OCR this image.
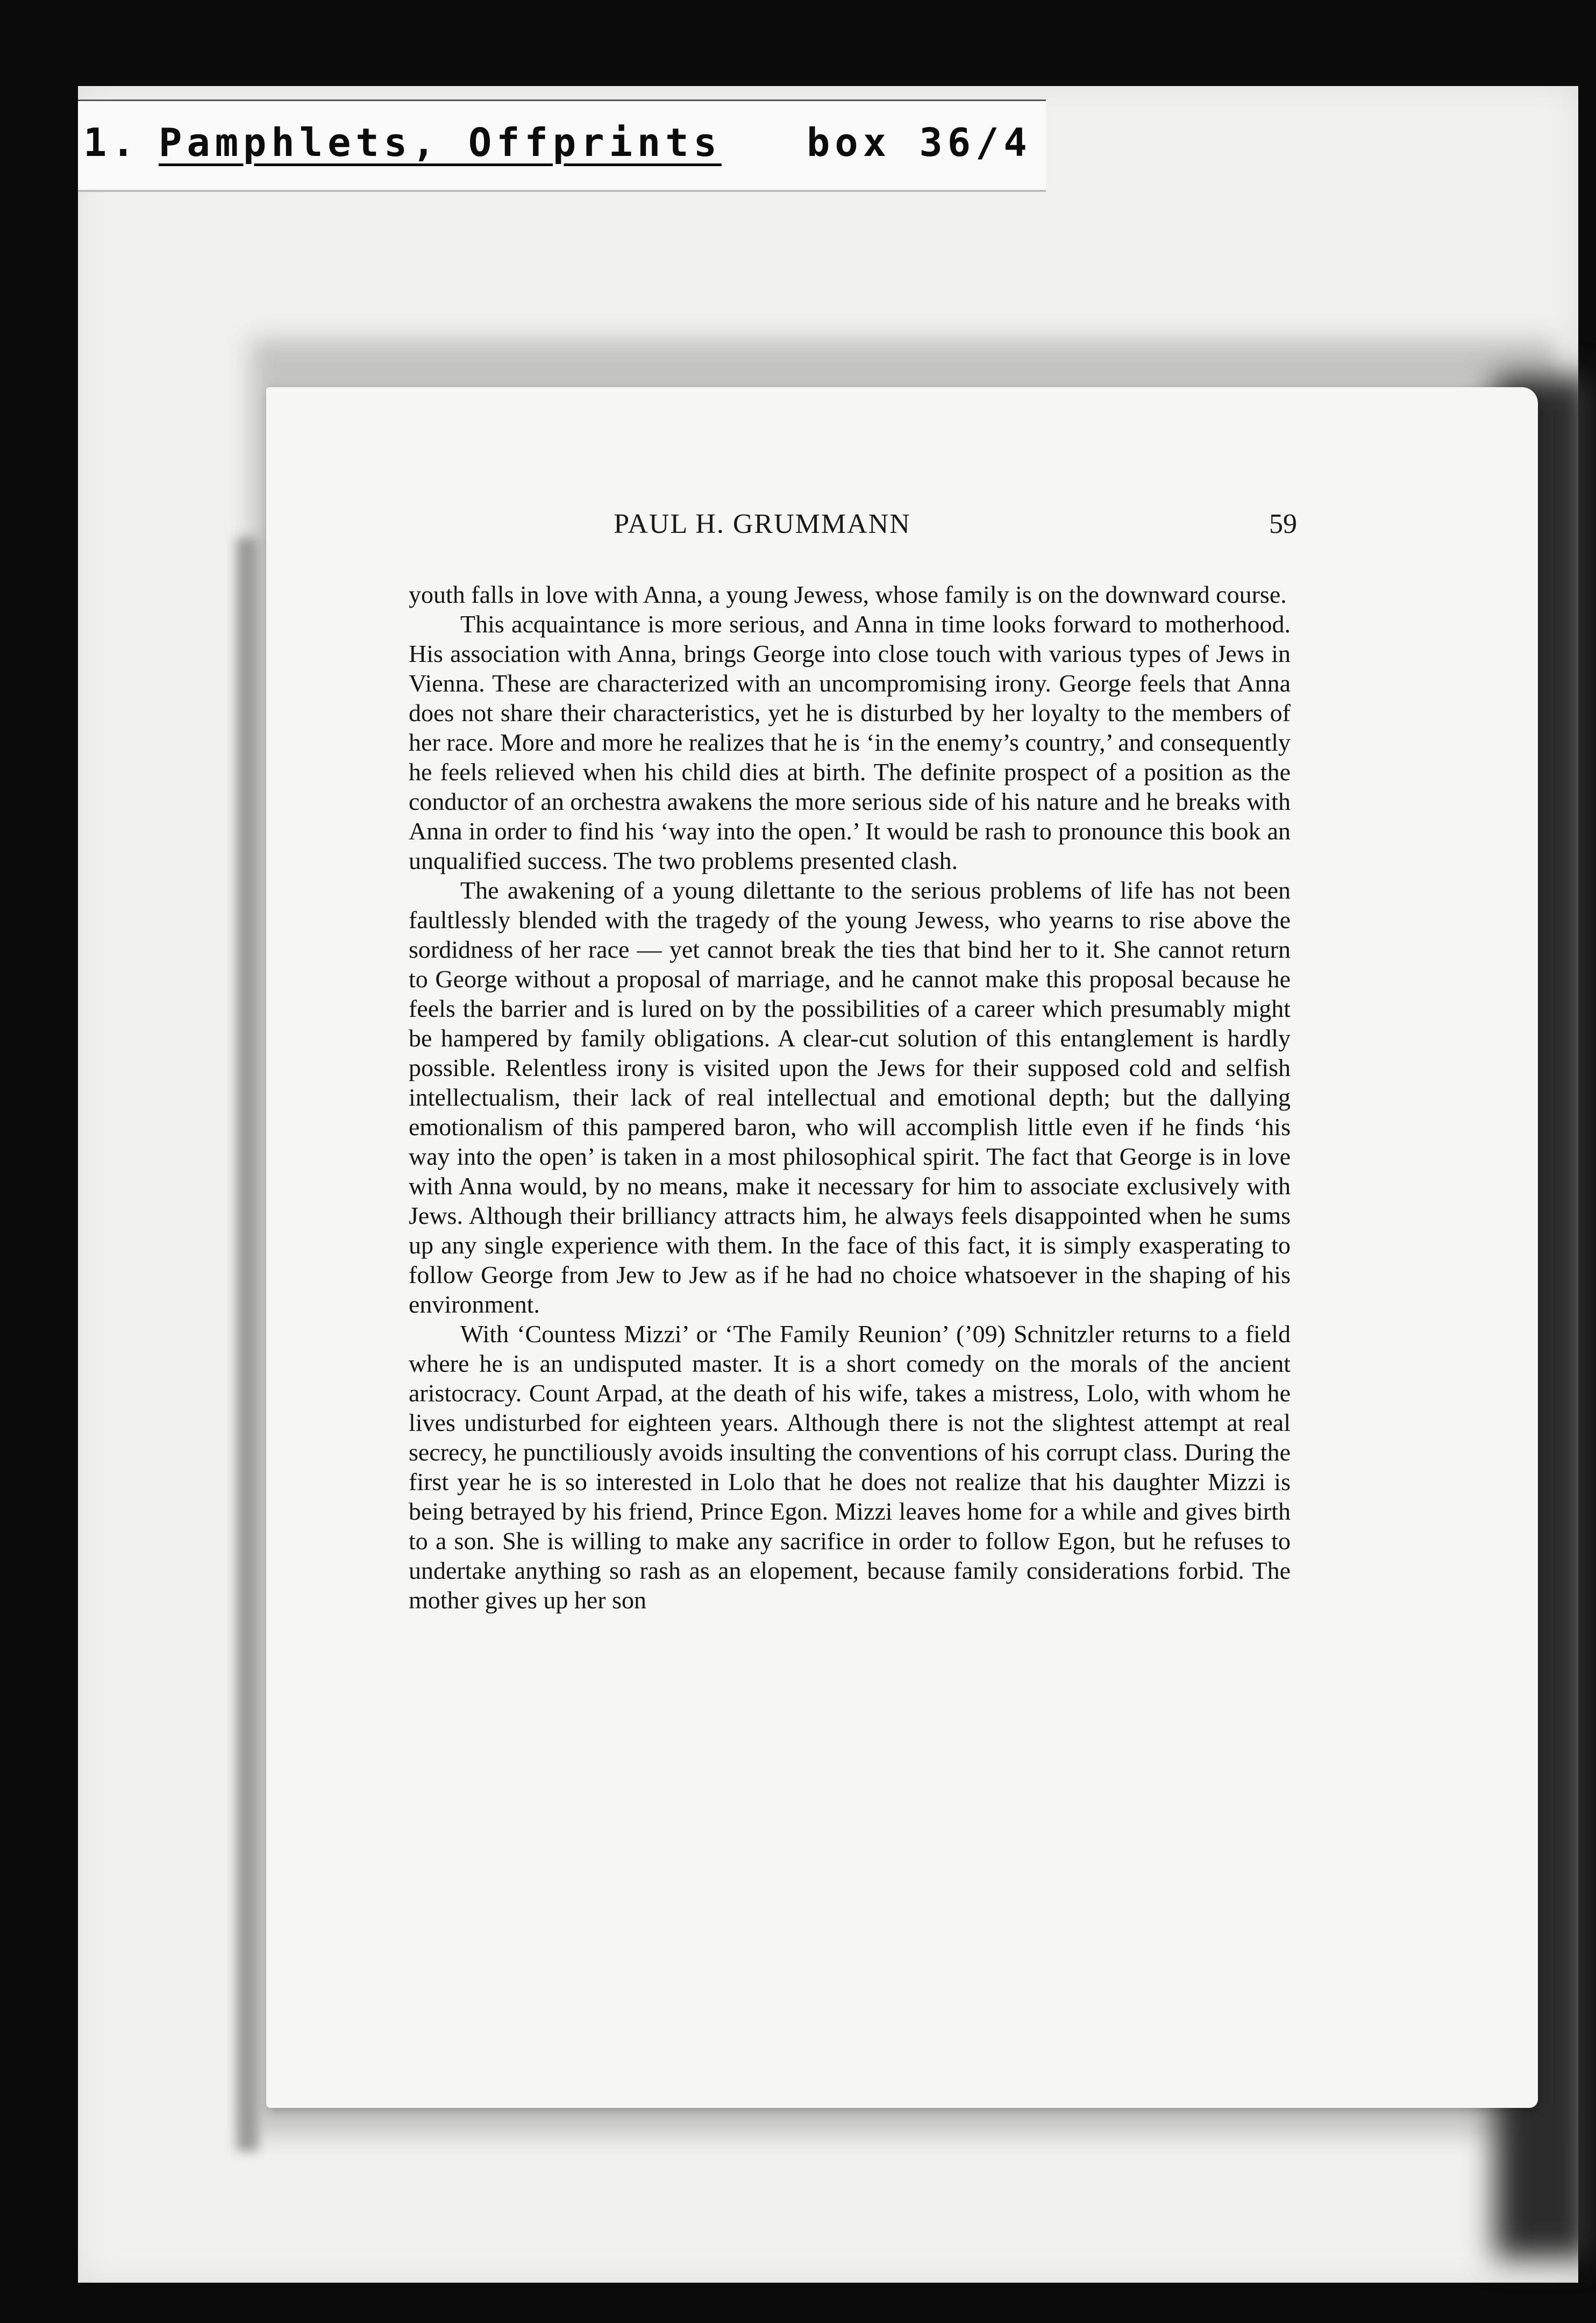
1. Pamphlets, Offprints box 36/4
PAUL H. GRUMMANN	59

youth falls in love with Anna, a young Jewess, whose family is on the downward course.

This acquaintance is more serious, and Anna in time looks forward to motherhood. His association with Anna, brings George into close touch with various types of Jews in Vienna. These are characterized with an uncompromising irony. George feels that Anna does not share their characteristics, yet he is disturbed by her loyalty to the members of her race. More and more he realizes that he is ‘in the enemy’s country,’ and consequently he feels relieved when his child dies at birth. The definite prospect of a position as the conductor of an orchestra awakens the more serious side of his nature and he breaks with Anna in order to find his ‘way into the open.’ It would be rash to pronounce this book an unqualified success. The two problems presented clash.

The awakening of a young dilettante to the serious problems of life has not been faultlessly blended with the tragedy of the young Jewess, who yearns to rise above the sordidness of her race — yet cannot break the ties that bind her to it. She cannot return to George without a proposal of marriage, and he cannot make this proposal because he feels the barrier and is lured on by the possibilities of a career which presumably might be hampered by family obligations. A clear-cut solution of this entanglement is hardly possible. Relentless irony is visited upon the Jews for their supposed cold and selfish intellectualism, their lack of real intellectual and emotional depth; but the dallying emotionalism of this pampered baron, who will accomplish little even if he finds ‘his way into the open’ is taken in a most philosophical spirit. The fact that George is in love with Anna would, by no means, make it necessary for him to associate exclusively with Jews. Although their brilliancy attracts him, he always feels disappointed when he sums up any single experience with them. In the face of this fact, it is simply exasperating to follow George from Jew to Jew as if he had no choice whatsoever in the shaping of his environment.

With ‘Countess Mizzi’ or ‘The Family Reunion’ (’09) Schnitzler returns to a field where he is an undisputed master. It is a short comedy on the morals of the ancient aristocracy. Count Arpad, at the death of his wife, takes a mistress, Lolo, with whom he lives undisturbed for eighteen years. Although there is not the slightest attempt at real secrecy, he punctiliously avoids insulting the conventions of his corrupt class. During the first year he is so interested in Lolo that he does not realize that his daughter Mizzi is being betrayed by his friend, Prince Egon. Mizzi leaves home for a while and gives birth to a son. She is willing to make any sacrifice in order to follow Egon, but he refuses to undertake anything so rash as an elopement, because family considerations forbid. The mother gives up her son
